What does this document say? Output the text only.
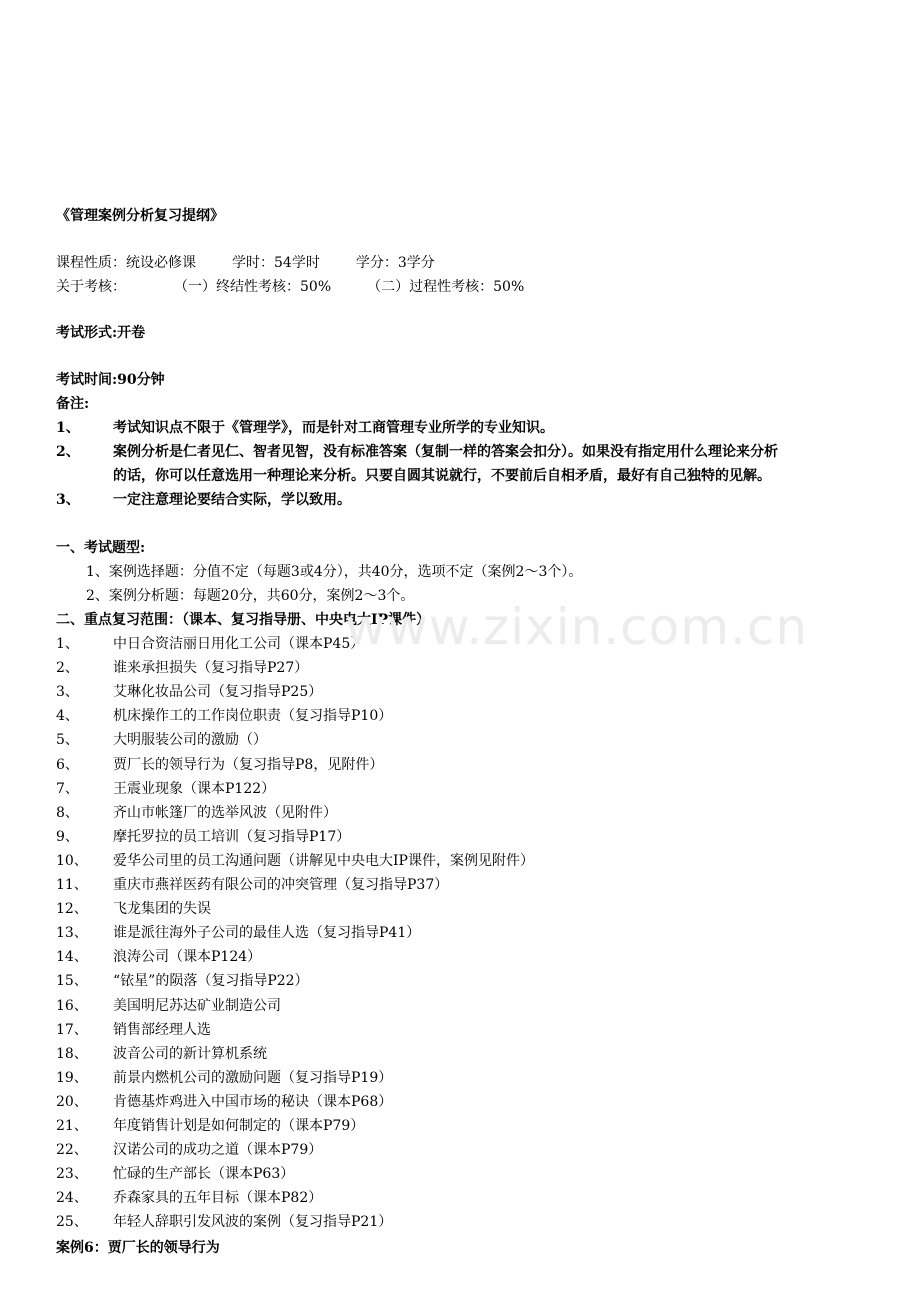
《管理案例分析复习提纲》
课程性质：统设必修课	学时：54学时	学分：3学分
关于考核：	（一）终结性考核：50%	（二）过程性考核：50%
考试形式:开卷
考试时间:90分钟
备注:
1、 考试知识点不限于《管理学》，而是针对工商管理专业所学的专业知识。
2、 案例分析是仁者见仁、智者见智，没有标准答案（复制一样的答案会扣分）。如果没有指定用什么理论来分析
的话，你可以任意选用一种理论来分析。只要自圆其说就行，不要前后自相矛盾，最好有自己独特的见解。
3、 一定注意理论要结合实际，学以致用。
一、考试题型:
1、案例选择题：分值不定（每题3或4分），共40分，选项不定（案例2～3个）。
2、案例分析题：每题20分，共60分，案例2～3个。
二、重点复习范围：（课本、复习指导册、中央电大IP课件）
1、 中日合资洁丽日用化工公司（课本P45）
2、 谁来承担损失（复习指导P27）
3、 艾琳化妆品公司（复习指导P25）
4、 机床操作工的工作岗位职责（复习指导P10）
5、 大明服装公司的激励（）
6、 贾厂长的领导行为（复习指导P8，见附件）
7、 王震业现象（课本P122）
8、 齐山市帐篷厂的选举风波（见附件）
9、 摩托罗拉的员工培训（复习指导P17）
10、 爱华公司里的员工沟通问题（讲解见中央电大IP课件，案例见附件）
11、 重庆市燕祥医药有限公司的冲突管理（复习指导P37）
12、 飞龙集团的失误
13、 谁是派往海外子公司的最佳人选（复习指导P41）
14、 浪涛公司（课本P124）
15、 “铱星”的陨落（复习指导P22）
16、 美国明尼苏达矿业制造公司
17、 销售部经理人选
18、 波音公司的新计算机系统
19、 前景内燃机公司的激励问题（复习指导P19）
20、 肯德基炸鸡进入中国市场的秘诀（课本P68）
21、 年度销售计划是如何制定的（课本P79）
22、 汉诺公司的成功之道（课本P79）
23、 忙碌的生产部长（课本P63）
24、 乔森家具的五年目标（课本P82）
25、 年轻人辞职引发风波的案例（复习指导P21）
案例6：贾厂长的领导行为
www.zixin.com.cn
